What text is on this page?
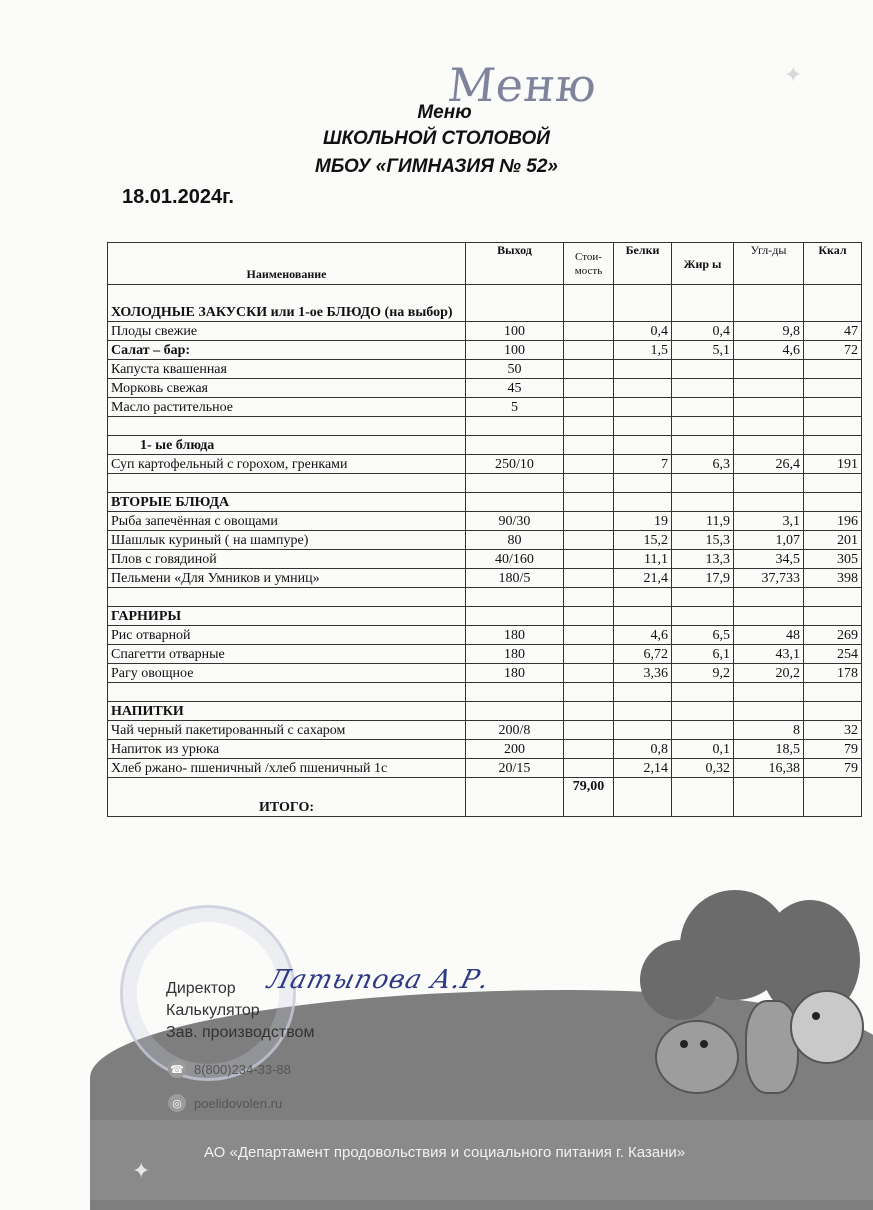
Меню
Меню
ШКОЛЬНОЙ СТОЛОВОЙ
МБОУ «ГИМНАЗИЯ № 52»
18.01.2024г.
Наименование	Выход	Стои-мость	Белки	Жир ы	Угл-ды	Ккал
ХОЛОДНЫЕ ЗАКУСКИ или 1-ое БЛЮДО (на выбор)						
Плоды свежие	100		0,4	0,4	9,8	47
Салат – бар:	100		1,5	5,1	4,6	72
Капуста квашенная	50					
Морковь свежая	45					
Масло растительное	5					

1- ые блюда						
Суп картофельный с горохом, гренками	250/10		7	6,3	26,4	191

ВТОРЫЕ БЛЮДА						
Рыба запечённая с овощами	90/30		19	11,9	3,1	196
Шашлык куриный ( на шампуре)	80		15,2	15,3	1,07	201
Плов с говядиной	40/160		11,1	13,3	34,5	305
Пельмени «Для Умников и умниц»	180/5		21,4	17,9	37,733	398

ГАРНИРЫ						
Рис отварной	180		4,6	6,5	48	269
Спагетти отварные	180		6,72	6,1	43,1	254
Рагу овощное	180		3,36	9,2	20,2	178

НАПИТКИ						
Чай черный пакетированный с сахаром	200/8				8	32
Напиток из урюка	200		0,8	0,1	18,5	79
Хлеб ржано- пшеничный /хлеб пшеничный 1с	20/15		2,14	0,32	16,38	79
ИТОГО:		79,00				
Директор
Калькулятор
Зав. производством
Латыпова А.Р.
☎ 8(800)234-33-88
◎ poelidovolen.ru
АО «Департамент продовольствия и социального питания г. Казани»
✦
✦
